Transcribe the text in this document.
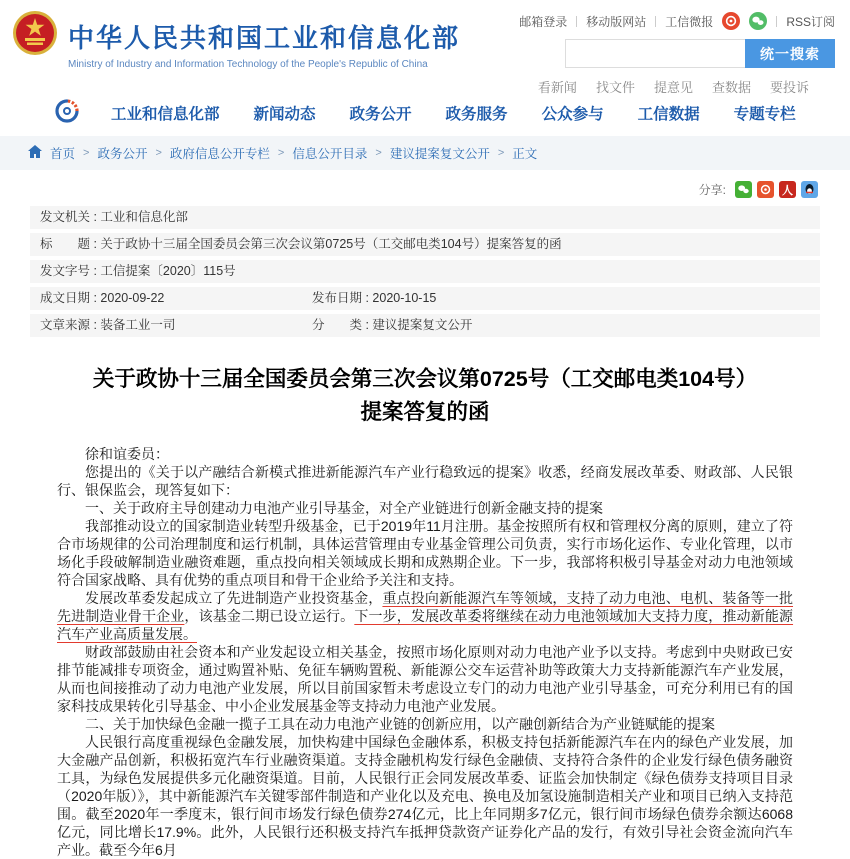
中华人民共和国工业和信息化部
Ministry of Industry and Information Technology of the People's Republic of China
邮箱登录 移动版网站 工信微报	RSS订阅
统一搜索
看新闻 找文件 提意见 查数据 要投诉
工业和信息化部 新闻动态 政务公开 政务服务 公众参与 工信数据 专题专栏
首页 > 政务公开 > 政府信息公开专栏 > 信息公开目录 > 建议提案复文公开 > 正文
分享:	人
发文机关 : 工业和信息化部
标　　题 : 关于政协十三届全国委员会第三次会议第0725号（工交邮电类104号）提案答复的函
发文字号 : 工信提案〔2020〕115号
成文日期 : 2020-09-22	发布日期 : 2020-10-15
文章来源 : 装备工业一司	分　　类 : 建议提案复文公开
关于政协十三届全国委员会第三次会议第0725号（工交邮电类104号）提案答复的函

徐和谊委员：

您提出的《关于以产融结合新模式推进新能源汽车产业行稳致远的提案》收悉，经商发展改革委、财政部、人民银行、银保监会，现答复如下：

一、关于政府主导创建动力电池产业引导基金，对全产业链进行创新金融支持的提案

我部推动设立的国家制造业转型升级基金，已于2019年11月注册。基金按照所有权和管理权分离的原则，建立了符合市场规律的公司治理制度和运行机制，具体运营管理由专业基金管理公司负责，实行市场化运作、专业化管理，以市场化手段破解制造业融资难题，重点投向相关领域成长期和成熟期企业。下一步，我部将积极引导基金对动力电池领域符合国家战略、具有优势的重点项目和骨干企业给予关注和支持。

发展改革委发起成立了先进制造产业投资基金，重点投向新能源汽车等领域，支持了动力电池、电机、装备等一批先进制造业骨干企业，该基金二期已设立运行。下一步，发展改革委将继续在动力电池领域加大支持力度，推动新能源汽车产业高质量发展。

财政部鼓励由社会资本和产业发起设立相关基金，按照市场化原则对动力电池产业予以支持。考虑到中央财政已安排节能减排专项资金，通过购置补贴、免征车辆购置税、新能源公交车运营补助等政策大力支持新能源汽车产业发展，从而也间接推动了动力电池产业发展，所以目前国家暂未考虑设立专门的动力电池产业引导基金，可充分利用已有的国家科技成果转化引导基金、中小企业发展基金等支持动力电池产业发展。

二、关于加快绿色金融一揽子工具在动力电池产业链的创新应用，以产融创新结合为产业链赋能的提案

人民银行高度重视绿色金融发展，加快构建中国绿色金融体系，积极支持包括新能源汽车在内的绿色产业发展，加大金融产品创新，积极拓宽汽车行业融资渠道。支持金融机构发行绿色金融债、支持符合条件的企业发行绿色债务融资工具，为绿色发展提供多元化融资渠道。目前，人民银行正会同发展改革委、证监会加快制定《绿色债券支持项目目录（2020年版）》，其中新能源汽车关键零部件制造和产业化以及充电、换电及加氢设施制造相关产业和项目已纳入支持范围。截至2020年一季度末，银行间市场发行绿色债券274亿元，比上年同期多7亿元，银行间市场绿色债券余额达6068亿元，同比增长17.9%。此外，人民银行还积极支持汽车抵押贷款资产证券化产品的发行，有效引导社会资金流向汽车产业。截至今年6月
